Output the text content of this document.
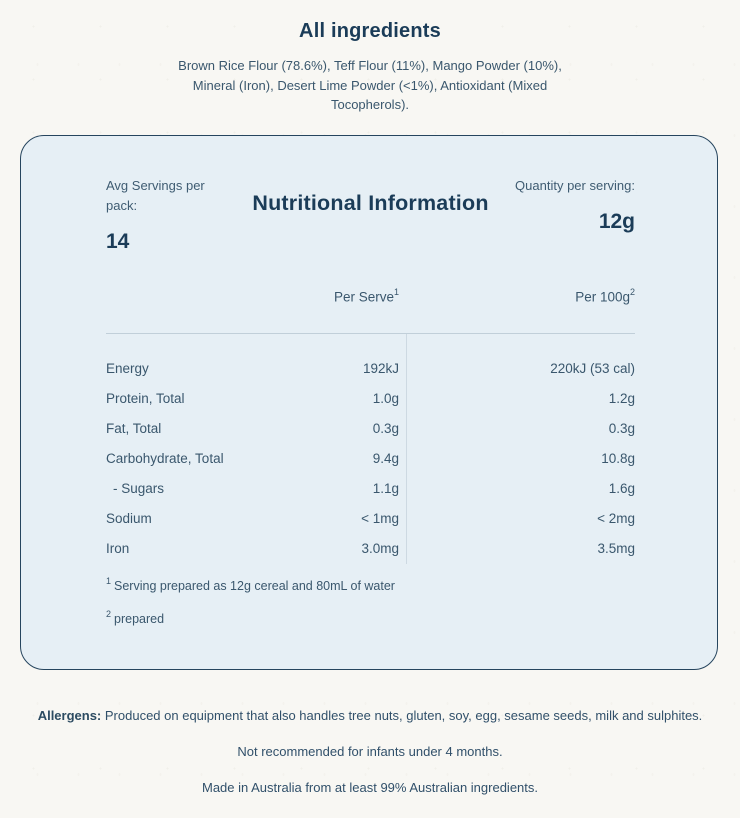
All ingredients

Brown Rice Flour (78.6%), Teff Flour (11%), Mango Powder (10%), Mineral (Iron), Desert Lime Powder (<1%), Antioxidant (Mixed Tocopherols).

Avg Servings per pack:
14
Nutritional Information
Quantity per serving:
12g
Per Serve$^1$	Per $100g^2$
Energy	192kJ	220kJ (53 cal)
Protein, Total	1.0g	1.2g
Fat, Total	0.3g	0.3g
Carbohydrate, Total	9.4g	10.8g
- Sugars	1.1g	1.6g
Sodium	< 1mg	< 2mg
Iron	3.0mg	3.5mg
$^1$ Serving prepared as 12g cereal and 80mL of water
$^2$ prepared

Allergens: Produced on equipment that also handles tree nuts, gluten, soy, egg, sesame seeds, milk and sulphites.

Not recommended for infants under 4 months.

Made in Australia from at least 99% Australian ingredients.
